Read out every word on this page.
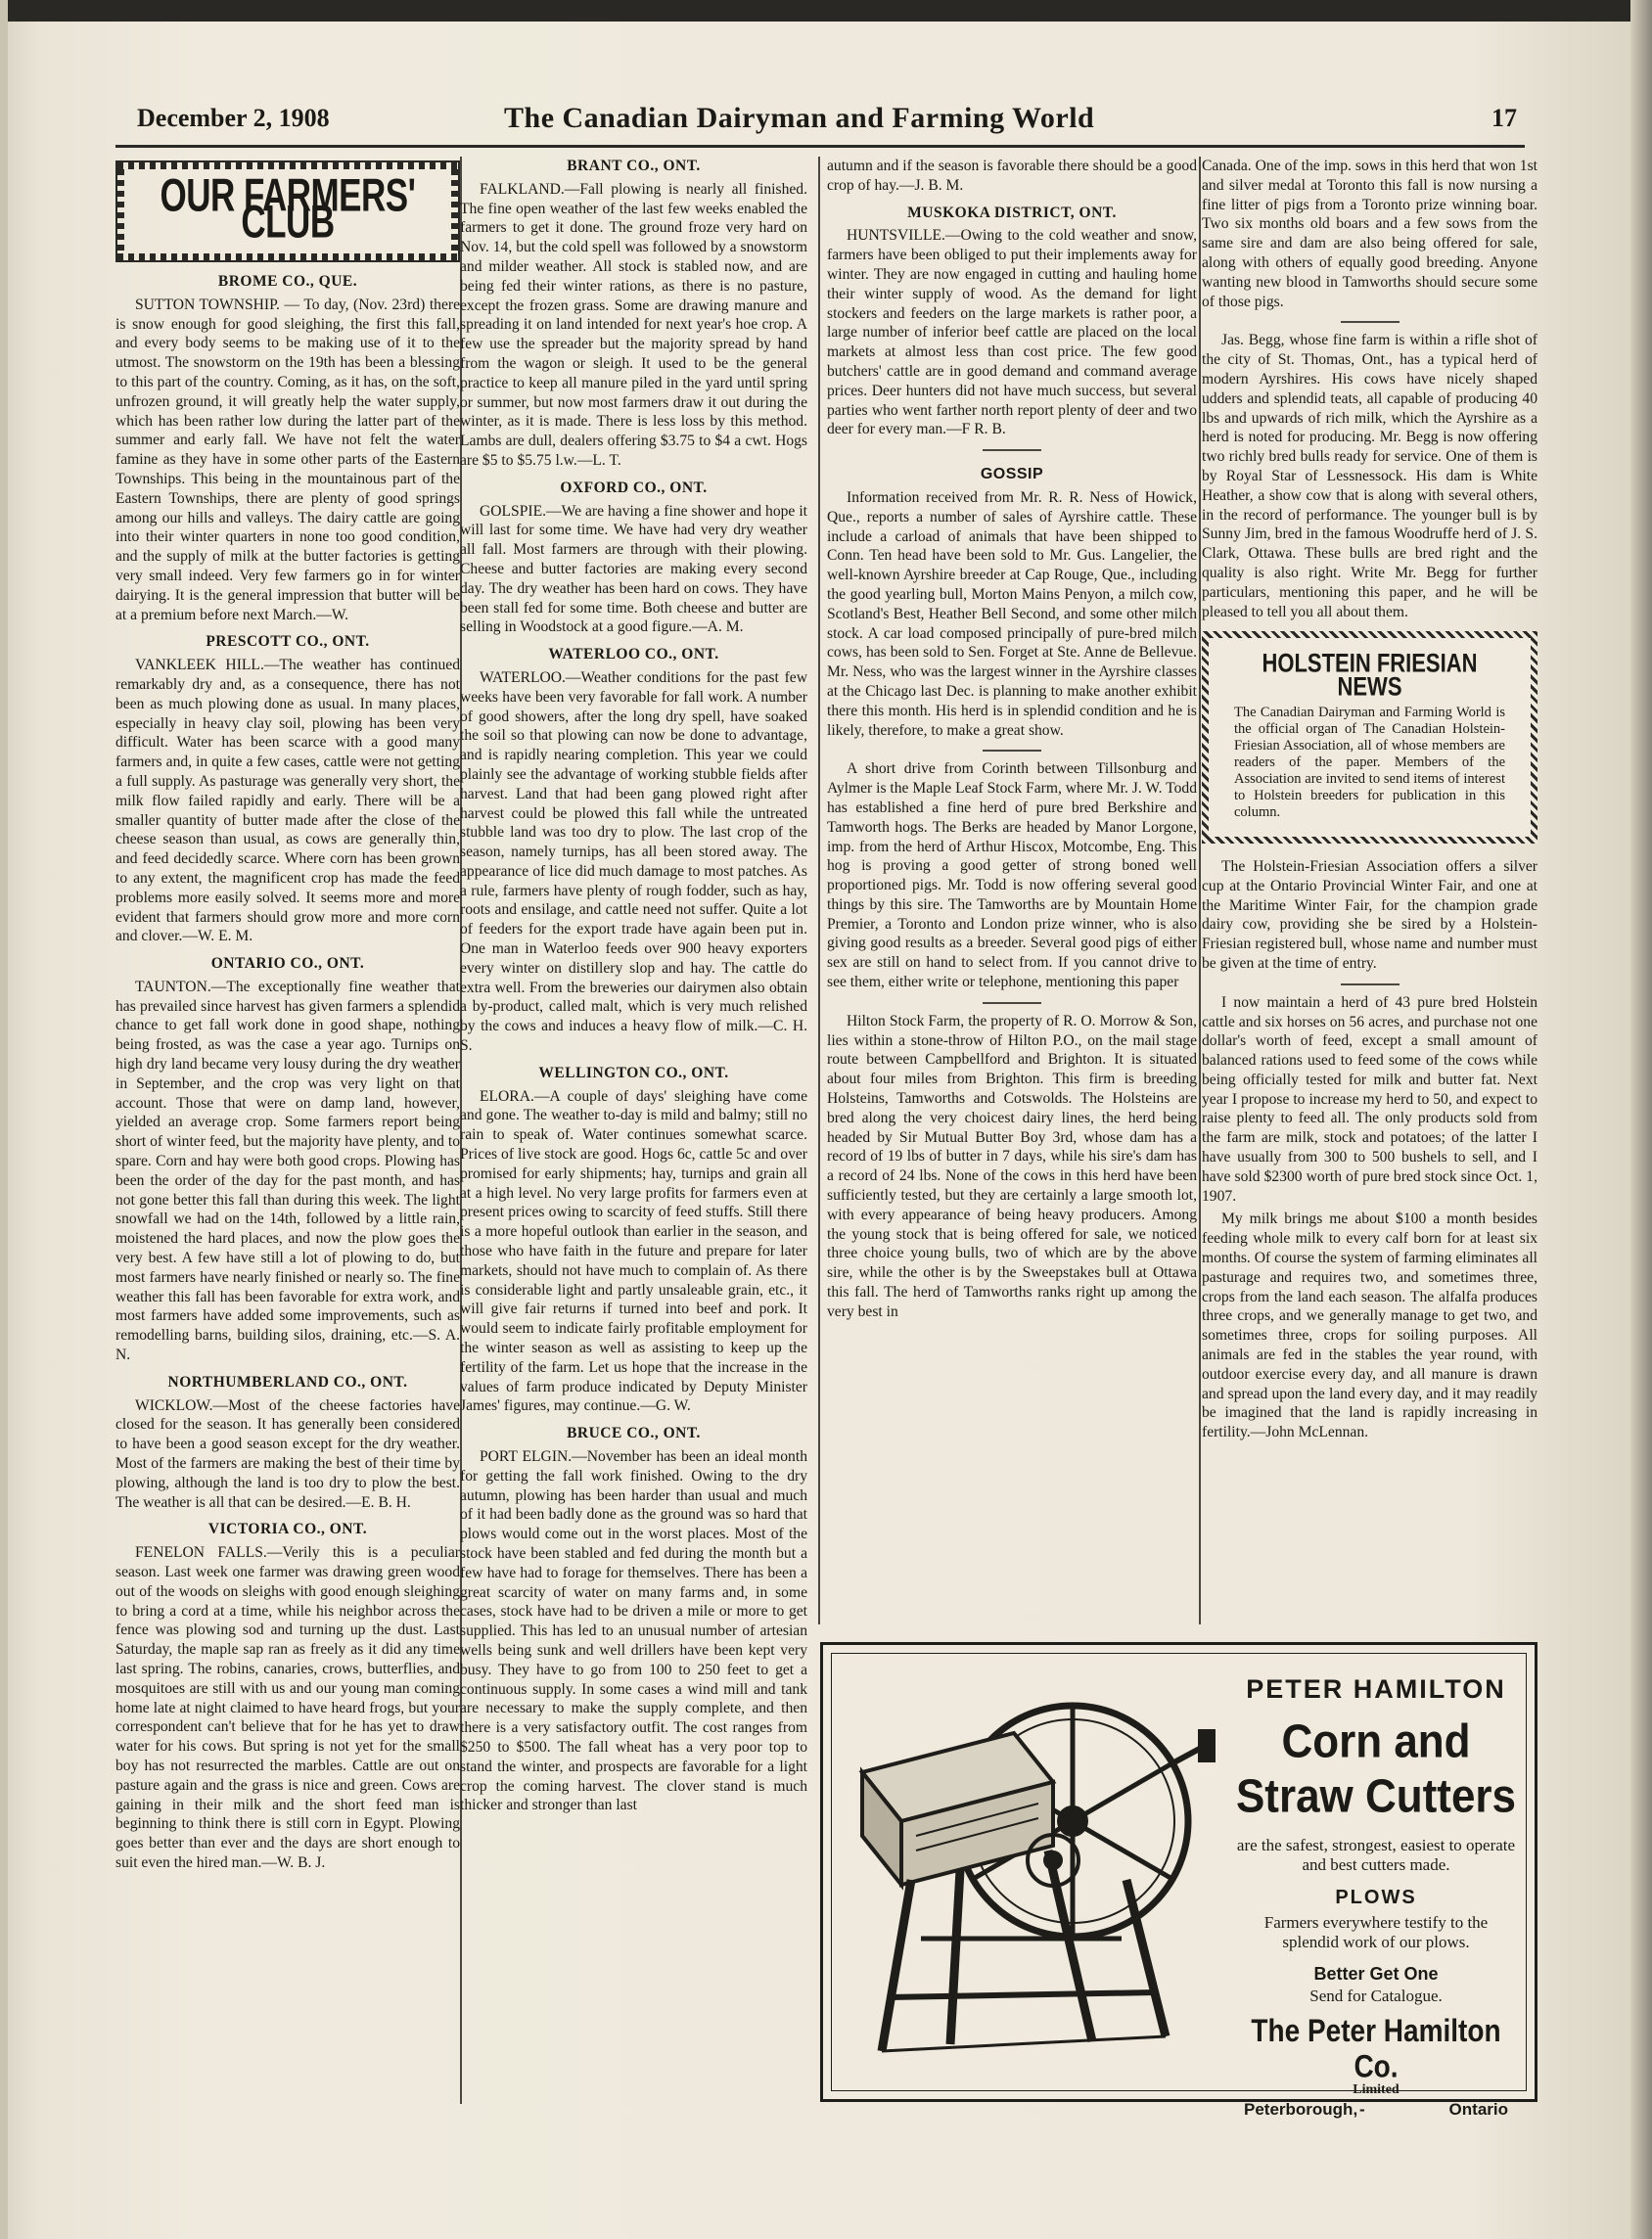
December 2, 1908	The Canadian Dairyman and Farming World	17
OUR FARMERS' CLUB
BROME CO., QUE.

SUTTON TOWNSHIP. — To day, (Nov. 23rd) there is snow enough for good sleighing, the first this fall, and every body seems to be making use of it to the utmost. The snowstorm on the 19th has been a blessing to this part of the country. Coming, as it has, on the soft, unfrozen ground, it will greatly help the water supply, which has been rather low during the latter part of the summer and early fall. We have not felt the water famine as they have in some other parts of the Eastern Townships. This being in the mountainous part of the Eastern Townships, there are plenty of good springs among our hills and valleys. The dairy cattle are going into their winter quarters in none too good condition, and the supply of milk at the butter factories is getting very small indeed. Very few farmers go in for winter dairying. It is the general impression that butter will be at a premium before next March.—W.

PRESCOTT CO., ONT.

VANKLEEK HILL.—The weather has continued remarkably dry and, as a consequence, there has not been as much plowing done as usual. In many places, especially in heavy clay soil, plowing has been very difficult. Water has been scarce with a good many farmers and, in quite a few cases, cattle were not getting a full supply. As pasturage was generally very short, the milk flow failed rapidly and early. There will be a smaller quantity of butter made after the close of the cheese season than usual, as cows are generally thin, and feed decidedly scarce. Where corn has been grown to any extent, the magnificent crop has made the feed problems more easily solved. It seems more and more evident that farmers should grow more and more corn and clover.—W. E. M.

ONTARIO CO., ONT.

TAUNTON.—The exceptionally fine weather that has prevailed since harvest has given farmers a splendid chance to get fall work done in good shape, nothing being frosted, as was the case a year ago. Turnips on high dry land became very lousy during the dry weather in September, and the crop was very light on that account. Those that were on damp land, however, yielded an average crop. Some farmers report being short of winter feed, but the majority have plenty, and to spare. Corn and hay were both good crops. Plowing has been the order of the day for the past month, and has not gone better this fall than during this week. The light snowfall we had on the 14th, followed by a little rain, moistened the hard places, and now the plow goes the very best. A few have still a lot of plowing to do, but most farmers have nearly finished or nearly so. The fine weather this fall has been favorable for extra work, and most farmers have added some improvements, such as remodelling barns, building silos, draining, etc.—S. A. N.

NORTHUMBERLAND CO., ONT.

WICKLOW.—Most of the cheese factories have closed for the season. It has generally been considered to have been a good season except for the dry weather. Most of the farmers are making the best of their time by plowing, although the land is too dry to plow the best. The weather is all that can be desired.—E. B. H.

VICTORIA CO., ONT.

FENELON FALLS.—Verily this is a peculiar season. Last week one farmer was drawing green wood out of the woods on sleighs with good enough sleighing to bring a cord at a time, while his neighbor across the fence was plowing sod and turning up the dust. Last Saturday, the maple sap ran as freely as it did any time last spring. The robins, canaries, crows, butterflies, and mosquitoes are still with us and our young man coming home late at night claimed to have heard frogs, but your correspondent can't believe that for he has yet to draw water for his cows. But spring is not yet for the small boy has not resurrected the marbles. Cattle are out on pasture again and the grass is nice and green. Cows are gaining in their milk and the short feed man is beginning to think there is still corn in Egypt. Plowing goes better than ever and the days are short enough to suit even the hired man.—W. B. J.

BRANT CO., ONT.

FALKLAND.—Fall plowing is nearly all finished. The fine open weather of the last few weeks enabled the farmers to get it done. The ground froze very hard on Nov. 14, but the cold spell was followed by a snowstorm and milder weather. All stock is stabled now, and are being fed their winter rations, as there is no pasture, except the frozen grass. Some are drawing manure and spreading it on land intended for next year's hoe crop. A few use the spreader but the majority spread by hand from the wagon or sleigh. It used to be the general practice to keep all manure piled in the yard until spring or summer, but now most farmers draw it out during the winter, as it is made. There is less loss by this method. Lambs are dull, dealers offering $3.75 to $4 a cwt. Hogs are $5 to $5.75 l.w.—L. T.

OXFORD CO., ONT.

GOLSPIE.—We are having a fine shower and hope it will last for some time. We have had very dry weather all fall. Most farmers are through with their plowing. Cheese and butter factories are making every second day. The dry weather has been hard on cows. They have been stall fed for some time. Both cheese and butter are selling in Woodstock at a good figure.—A. M.

WATERLOO CO., ONT.

WATERLOO.—Weather conditions for the past few weeks have been very favorable for fall work. A number of good showers, after the long dry spell, have soaked the soil so that plowing can now be done to advantage, and is rapidly nearing completion. This year we could plainly see the advantage of working stubble fields after harvest. Land that had been gang plowed right after harvest could be plowed this fall while the untreated stubble land was too dry to plow. The last crop of the season, namely turnips, has all been stored away. The appearance of lice did much damage to most patches. As a rule, farmers have plenty of rough fodder, such as hay, roots and ensilage, and cattle need not suffer. Quite a lot of feeders for the export trade have again been put in. One man in Waterloo feeds over 900 heavy exporters every winter on distillery slop and hay. The cattle do extra well. From the breweries our dairymen also obtain a by-product, called malt, which is very much relished by the cows and induces a heavy flow of milk.—C. H. S.

WELLINGTON CO., ONT.

ELORA.—A couple of days' sleighing have come and gone. The weather to-day is mild and balmy; still no rain to speak of. Water continues somewhat scarce. Prices of live stock are good. Hogs 6c, cattle 5c and over promised for early shipments; hay, turnips and grain all at a high level. No very large profits for farmers even at present prices owing to scarcity of feed stuffs. Still there is a more hopeful outlook than earlier in the season, and those who have faith in the future and prepare for later markets, should not have much to complain of. As there is considerable light and partly unsaleable grain, etc., it will give fair returns if turned into beef and pork. It would seem to indicate fairly profitable employment for the winter season as well as assisting to keep up the fertility of the farm. Let us hope that the increase in the values of farm produce indicated by Deputy Minister James' figures, may continue.—G. W.

BRUCE CO., ONT.

PORT ELGIN.—November has been an ideal month for getting the fall work finished. Owing to the dry autumn, plowing has been harder than usual and much of it had been badly done as the ground was so hard that plows would come out in the worst places. Most of the stock have been stabled and fed during the month but a few have had to forage for themselves. There has been a great scarcity of water on many farms and, in some cases, stock have had to be driven a mile or more to get supplied. This has led to an unusual number of artesian wells being sunk and well drillers have been kept very busy. They have to go from 100 to 250 feet to get a continuous supply. In some cases a wind mill and tank are necessary to make the supply complete, and then there is a very satisfactory outfit. The cost ranges from $250 to $500. The fall wheat has a very poor top to stand the winter, and prospects are favorable for a light crop the coming harvest. The clover stand is much thicker and stronger than last

autumn and if the season is favorable there should be a good crop of hay.—J. B. M.

MUSKOKA DISTRICT, ONT.

HUNTSVILLE.—Owing to the cold weather and snow, farmers have been obliged to put their implements away for winter. They are now engaged in cutting and hauling home their winter supply of wood. As the demand for light stockers and feeders on the large markets is rather poor, a large number of inferior beef cattle are placed on the local markets at almost less than cost price. The few good butchers' cattle are in good demand and command average prices. Deer hunters did not have much success, but several parties who went farther north report plenty of deer and two deer for every man.—F R. B.

GOSSIP

Information received from Mr. R. R. Ness of Howick, Que., reports a number of sales of Ayrshire cattle. These include a carload of animals that have been shipped to Conn. Ten head have been sold to Mr. Gus. Langelier, the well-known Ayrshire breeder at Cap Rouge, Que., including the good yearling bull, Morton Mains Penyon, a milch cow, Scotland's Best, Heather Bell Second, and some other milch stock. A car load composed principally of pure-bred milch cows, has been sold to Sen. Forget at Ste. Anne de Bellevue. Mr. Ness, who was the largest winner in the Ayrshire classes at the Chicago last Dec. is planning to make another exhibit there this month. His herd is in splendid condition and he is likely, therefore, to make a great show.

A short drive from Corinth between Tillsonburg and Aylmer is the Maple Leaf Stock Farm, where Mr. J. W. Todd has established a fine herd of pure bred Berkshire and Tamworth hogs. The Berks are headed by Manor Lorgone, imp. from the herd of Arthur Hiscox, Motcombe, Eng. This hog is proving a good getter of strong boned well proportioned pigs. Mr. Todd is now offering several good things by this sire. The Tamworths are by Mountain Home Premier, a Toronto and London prize winner, who is also giving good results as a breeder. Several good pigs of either sex are still on hand to select from. If you cannot drive to see them, either write or telephone, mentioning this paper

Hilton Stock Farm, the property of R. O. Morrow & Son, lies within a stone-throw of Hilton P.O., on the mail stage route between Campbellford and Brighton. It is situated about four miles from Brighton. This firm is breeding Holsteins, Tamworths and Cotswolds. The Holsteins are bred along the very choicest dairy lines, the herd being headed by Sir Mutual Butter Boy 3rd, whose dam has a record of 19 lbs of butter in 7 days, while his sire's dam has a record of 24 lbs. None of the cows in this herd have been sufficiently tested, but they are certainly a large smooth lot, with every appearance of being heavy producers. Among the young stock that is being offered for sale, we noticed three choice young bulls, two of which are by the above sire, while the other is by the Sweepstakes bull at Ottawa this fall. The herd of Tamworths ranks right up among the very best in

Canada. One of the imp. sows in this herd that won 1st and silver medal at Toronto this fall is now nursing a fine litter of pigs from a Toronto prize winning boar. Two six months old boars and a few sows from the same sire and dam are also being offered for sale, along with others of equally good breeding. Anyone wanting new blood in Tamworths should secure some of those pigs.

Jas. Begg, whose fine farm is within a rifle shot of the city of St. Thomas, Ont., has a typical herd of modern Ayrshires. His cows have nicely shaped udders and splendid teats, all capable of producing 40 lbs and upwards of rich milk, which the Ayrshire as a herd is noted for producing. Mr. Begg is now offering two richly bred bulls ready for service. One of them is by Royal Star of Lessnessock. His dam is White Heather, a show cow that is along with several others, in the record of performance. The younger bull is by Sunny Jim, bred in the famous Woodruffe herd of J. S. Clark, Ottawa. These bulls are bred right and the quality is also right. Write Mr. Begg for further particulars, mentioning this paper, and he will be pleased to tell you all about them.

HOLSTEIN FRIESIAN NEWS
The Canadian Dairyman and Farming World is the official organ of The Canadian Holstein-Friesian Association, all of whose members are readers of the paper. Members of the Association are invited to send items of interest to Holstein breeders for publication in this column.

The Holstein-Friesian Association offers a silver cup at the Ontario Provincial Winter Fair, and one at the Maritime Winter Fair, for the champion grade dairy cow, providing she be sired by a Holstein-Friesian registered bull, whose name and number must be given at the time of entry.

I now maintain a herd of 43 pure bred Holstein cattle and six horses on 56 acres, and purchase not one dollar's worth of feed, except a small amount of balanced rations used to feed some of the cows while being officially tested for milk and butter fat. Next year I propose to increase my herd to 50, and expect to raise plenty to feed all. The only products sold from the farm are milk, stock and potatoes; of the latter I have usually from 300 to 500 bushels to sell, and I have sold $2300 worth of pure bred stock since Oct. 1, 1907.

My milk brings me about $100 a month besides feeding whole milk to every calf born for at least six months. Of course the system of farming eliminates all pasturage and requires two, and sometimes three, crops from the land each season. The alfalfa produces three crops, and we generally manage to get two, and sometimes three, crops for soiling purposes. All animals are fed in the stables the year round, with outdoor exercise every day, and all manure is drawn and spread upon the land every day, and it may readily be imagined that the land is rapidly increasing in fertility.—John McLennan.

PETER HAMILTON
Corn and
Straw Cutters
are the safest, strongest, easiest to operate and best cutters made.
PLOWS
Farmers everywhere testify to the splendid work of our plows.
Better Get One
Send for Catalogue.
The Peter Hamilton Co.
Limited
Peterborough, -	Ontario
